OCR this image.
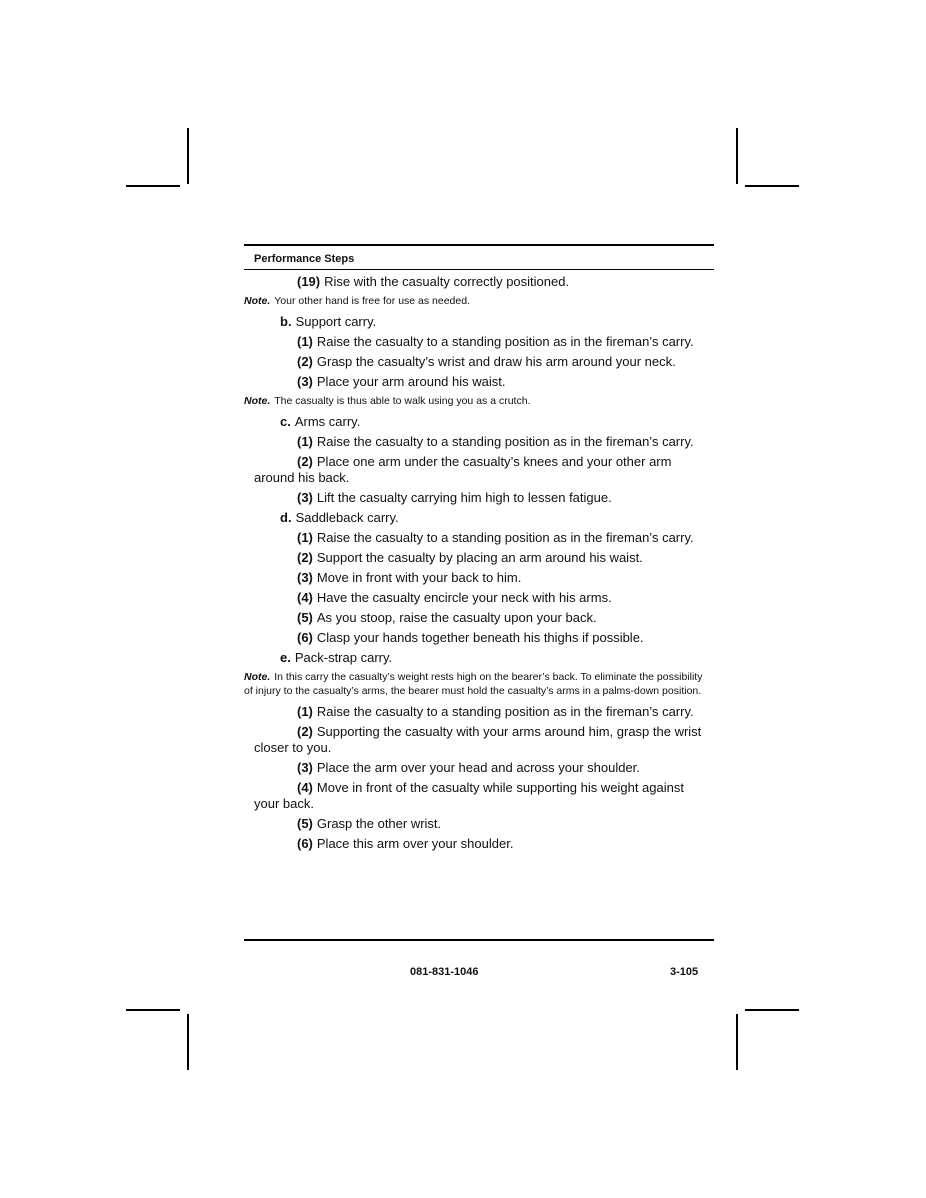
Performance Steps
(19) Rise with the casualty correctly positioned.
Note. Your other hand is free for use as needed.
b. Support carry.
(1) Raise the casualty to a standing position as in the fireman’s carry.
(2) Grasp the casualty’s wrist and draw his arm around your neck.
(3) Place your arm around his waist.
Note. The casualty is thus able to walk using you as a crutch.
c. Arms carry.
(1) Raise the casualty to a standing position as in the fireman’s carry.
(2) Place one arm under the casualty’s knees and your other arm around his back.
(3) Lift the casualty carrying him high to lessen fatigue.
d. Saddleback carry.
(1) Raise the casualty to a standing position as in the fireman’s carry.
(2) Support the casualty by placing an arm around his waist.
(3) Move in front with your back to him.
(4) Have the casualty encircle your neck with his arms.
(5) As you stoop, raise the casualty upon your back.
(6) Clasp your hands together beneath his thighs if possible.
e. Pack-strap carry.
Note. In this carry the casualty’s weight rests high on the bearer’s back. To eliminate the possibility of injury to the casualty’s arms, the bearer must hold the casualty’s arms in a palms-down position.
(1) Raise the casualty to a standing position as in the fireman’s carry.
(2) Supporting the casualty with your arms around him, grasp the wrist closer to you.
(3) Place the arm over your head and across your shoulder.
(4) Move in front of the casualty while supporting his weight against your back.
(5) Grasp the other wrist.
(6) Place this arm over your shoulder.
081-831-1046	3-105
